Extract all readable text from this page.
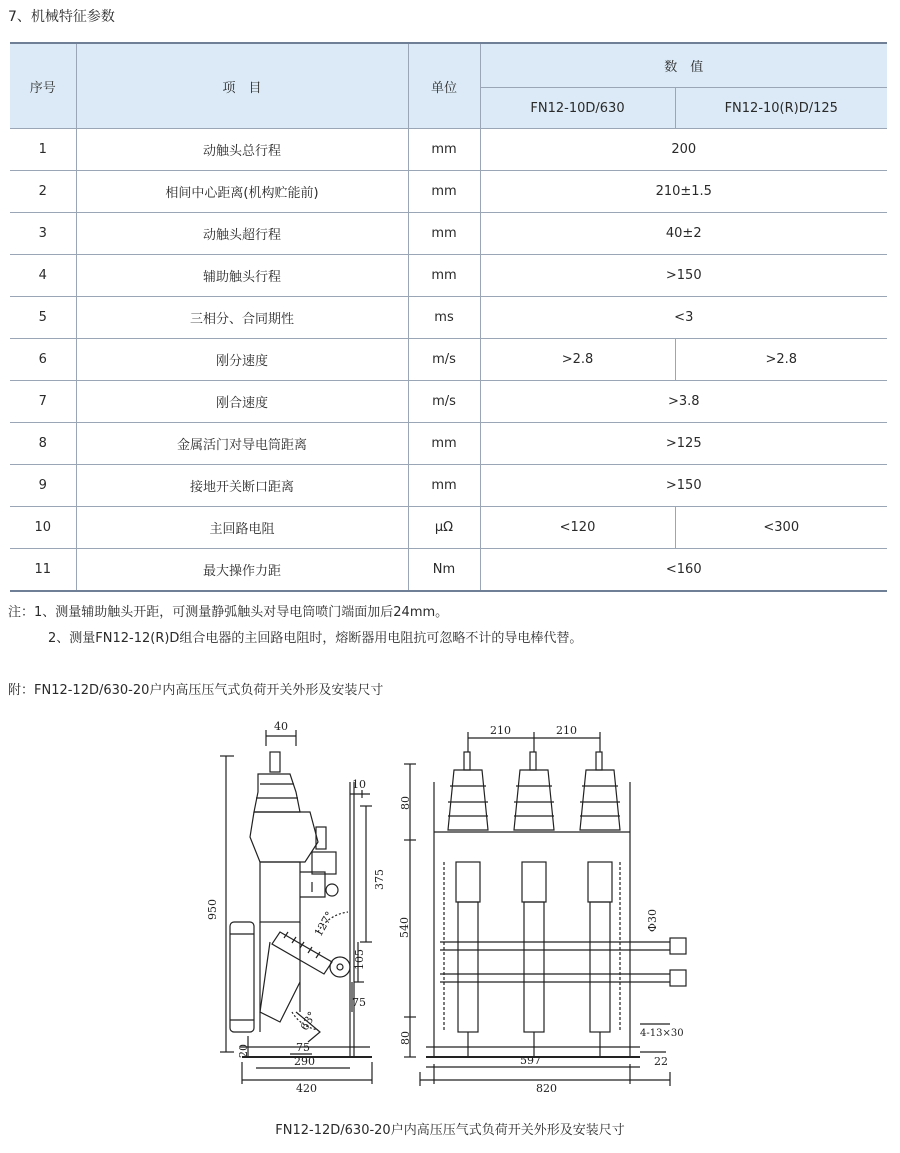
7、机械特征参数
序号	项　目	单位	数　值	
			FN12-10D/630	FN12-10(R)D/125
1	动触头总行程	mm	200	
2	相间中心距离(机构贮能前)	mm	210±1.5	
3	动触头超行程	mm	40±2	
4	辅助触头行程	mm	>150	
5	三相分、合同期性	ms	<3	
6	刚分速度	m/s	>2.8	>2.8
7	刚合速度	m/s	>3.8	
8	金属活门对导电筒距离	mm	>125	
9	接地开关断口距离	mm	>150	
10	主回路电阻	μΩ	<120	<300
11	最大操作力距	Nm	<160	
注：1、测量辅助触头开距，可测量静弧触头对导电筒喷门端面加后24mm。
2、测量FN12-12(R)D组合电器的主回路电阻时，熔断器用电阻抗可忽略不计的导电棒代替。
附：FN12-12D/630-20户内高压压气式负荷开关外形及安装尺寸
40
10
950
375
105
75
75
20
290
420
127°
63°
210	210
80
540
80
597
820
22
Φ30
4-13×30
FN12-12D/630-20户内高压压气式负荷开关外形及安装尺寸
